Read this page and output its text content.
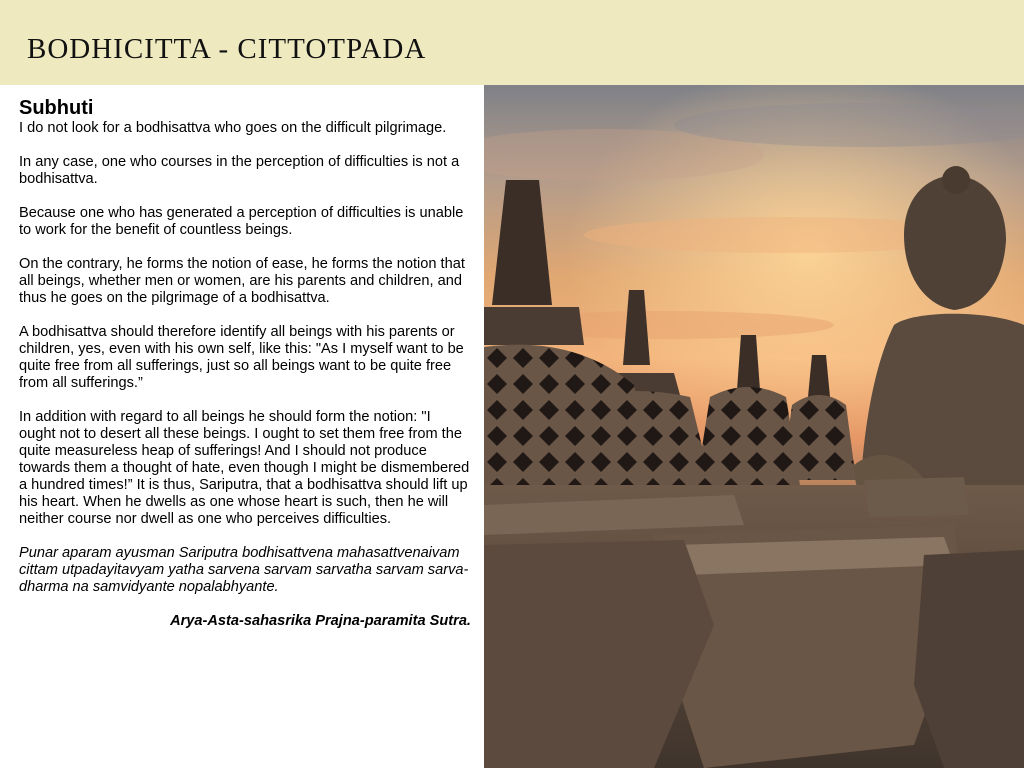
BODHICITTA - CITTOTPADA

Subhuti

I do not look for a bodhisattva who goes on the difficult pilgrimage.

In any case, one who courses in the perception of difficulties is not a bodhisattva.

Because one who has generated a perception of difficulties is unable to work for the benefit of countless beings.

On the contrary, he forms the notion of ease, he forms the notion that all beings, whether men or women, are his parents and children, and thus he goes on the pilgrimage of a bodhisattva.

A bodhisattva should therefore identify all beings with his parents or children, yes, even with his own self, like this: "As I myself want to be quite free from all sufferings, just so all beings want to be quite free from all sufferings.”

In addition with regard to all beings he should form the notion: "I ought not to desert all these beings. I ought to set them free from the quite measureless heap of sufferings! And I should not produce towards them a thought of hate, even though I might be dismembered a hundred times!” It is thus, Sariputra, that a bodhisattva should lift up his heart. When he dwells as one whose heart is such, then he will neither course nor dwell as one who perceives difficulties.

Punar aparam ayusman Sariputra bodhisattvena mahasattvenaivam cittam utpadayitavyam yatha sarvena sarvam sarvatha sarvam sarva-dharma na samvidyante nopalabhyante.

Arya-Asta-sahasrika Prajna-paramita Sutra.
